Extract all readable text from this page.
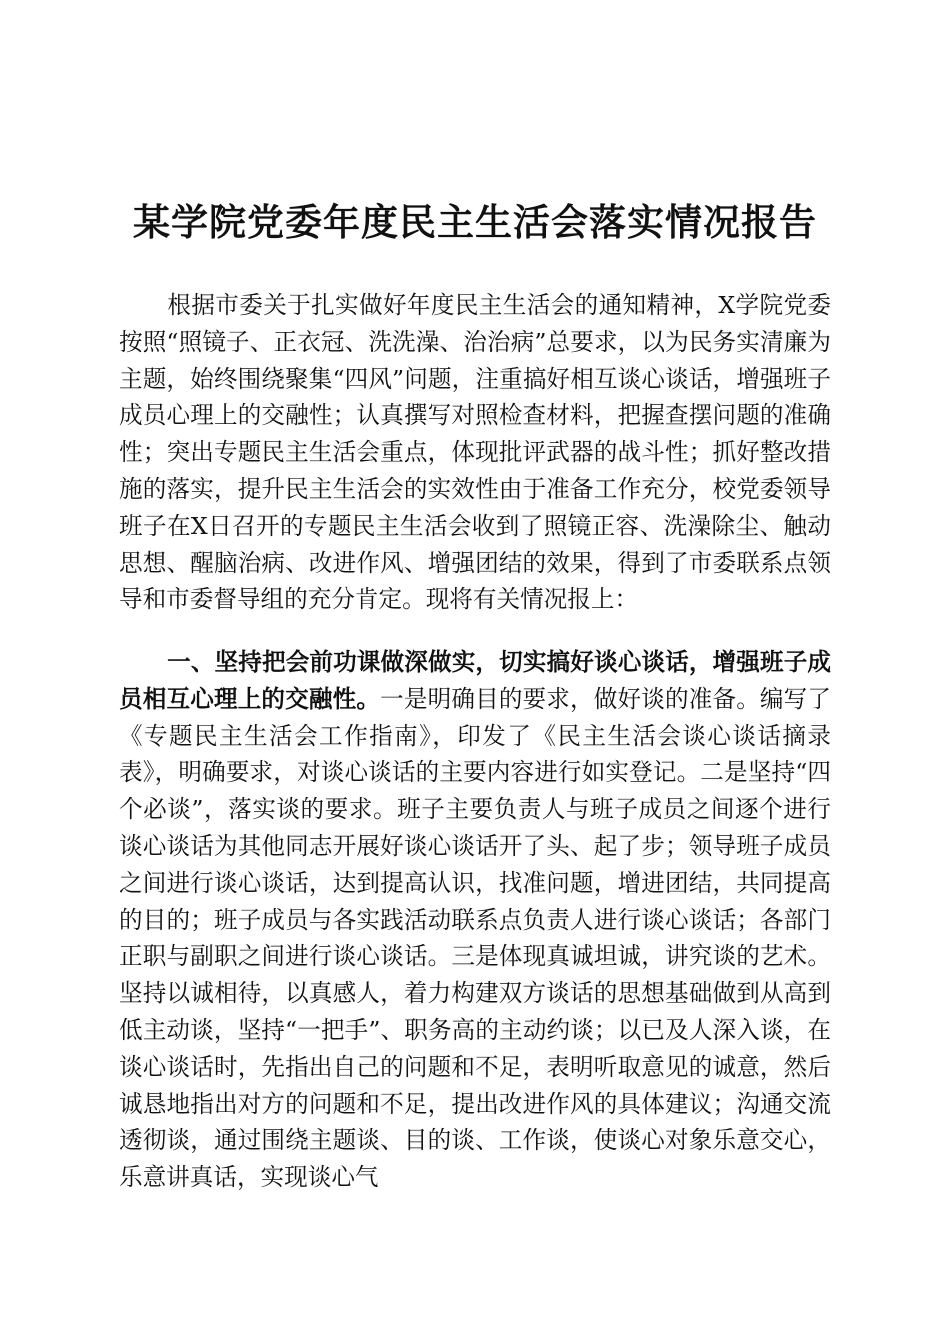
某学院党委年度民主生活会落实情况报告
根据市委关于扎实做好年度民主生活会的通知精神，X学院党委按照“照镜子、正衣冠、洗洗澡、治治病”总要求，以为民务实清廉为主题，始终围绕聚集“四风”问题，注重搞好相互谈心谈话，增强班子成员心理上的交融性；认真撰写对照检查材料，把握查摆问题的准确性；突出专题民主生活会重点，体现批评武器的战斗性；抓好整改措施的落实，提升民主生活会的实效性由于准备工作充分，校党委领导班子在X日召开的专题民主生活会收到了照镜正容、洗澡除尘、触动思想、醒脑治病、改进作风、增强团结的效果，得到了市委联系点领导和市委督导组的充分肯定。现将有关情况报上：
一、坚持把会前功课做深做实，切实搞好谈心谈话，增强班子成员相互心理上的交融性。一是明确目的要求，做好谈的准备。编写了《专题民主生活会工作指南》，印发了《民主生活会谈心谈话摘录表》，明确要求，对谈心谈话的主要内容进行如实登记。二是坚持“四个必谈”，落实谈的要求。班子主要负责人与班子成员之间逐个进行谈心谈话为其他同志开展好谈心谈话开了头、起了步；领导班子成员之间进行谈心谈话，达到提高认识，找准问题，增进团结，共同提高的目的；班子成员与各实践活动联系点负责人进行谈心谈话；各部门正职与副职之间进行谈心谈话。三是体现真诚坦诚，讲究谈的艺术。坚持以诚相待，以真感人，着力构建双方谈话的思想基础做到从高到低主动谈，坚持“一把手”、职务高的主动约谈；以已及人深入谈，在谈心谈话时，先指出自己的问题和不足，表明听取意见的诚意，然后诚恳地指出对方的问题和不足，提出改进作风的具体建议；沟通交流透彻谈，通过围绕主题谈、目的谈、工作谈，使谈心对象乐意交心，乐意讲真话，实现谈心气
